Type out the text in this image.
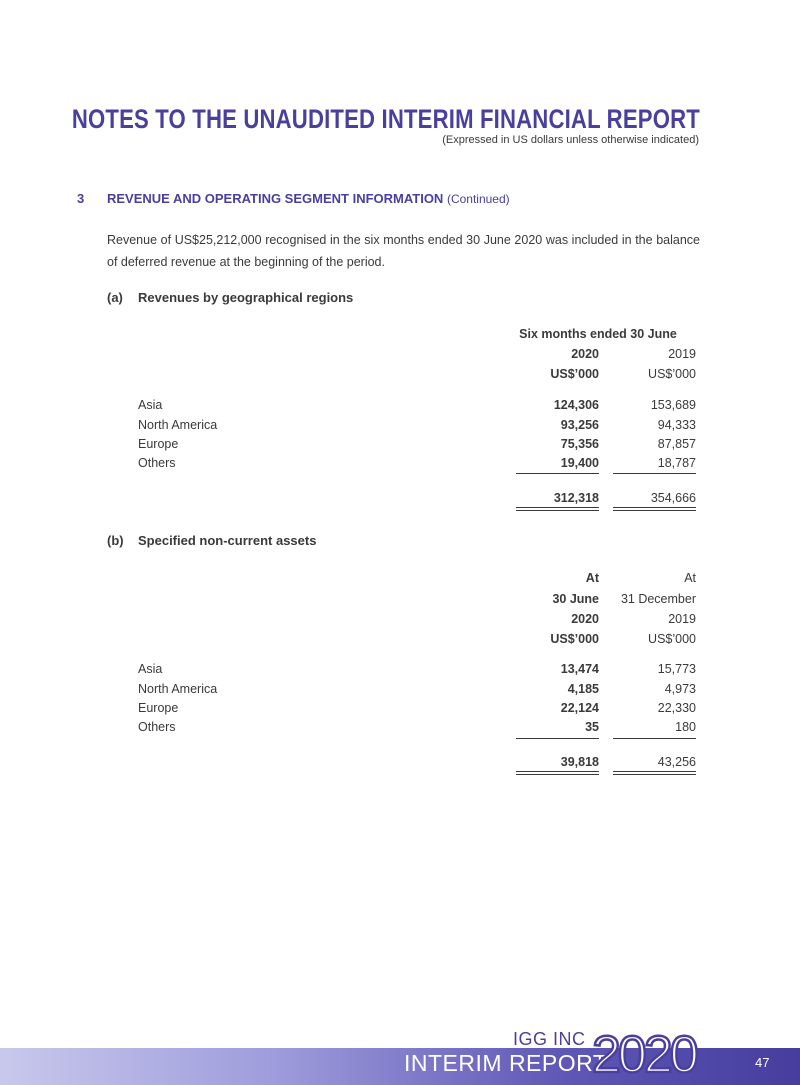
NOTES TO THE UNAUDITED INTERIM FINANCIAL REPORT
(Expressed in US dollars unless otherwise indicated)
3 REVENUE AND OPERATING SEGMENT INFORMATION (Continued)
Revenue of US$25,212,000 recognised in the six months ended 30 June 2020 was included in the balance of deferred revenue at the beginning of the period.
(a) Revenues by geographical regions
Six months ended 30 June
2020	2019
US$’000	US$’000
Asia	124,306	153,689
North America	93,256	94,333
Europe	75,356	87,857
Others	19,400	18,787
312,318	354,666
(b) Specified non-current assets
At	At
30 June	31 December
2020	2019
US$’000	US$’000
Asia	13,474	15,773
North America	4,185	4,973
Europe	22,124	22,330
Others	35	180
39,818	43,256
IGG INC
INTERIM REPORT
2020	47
